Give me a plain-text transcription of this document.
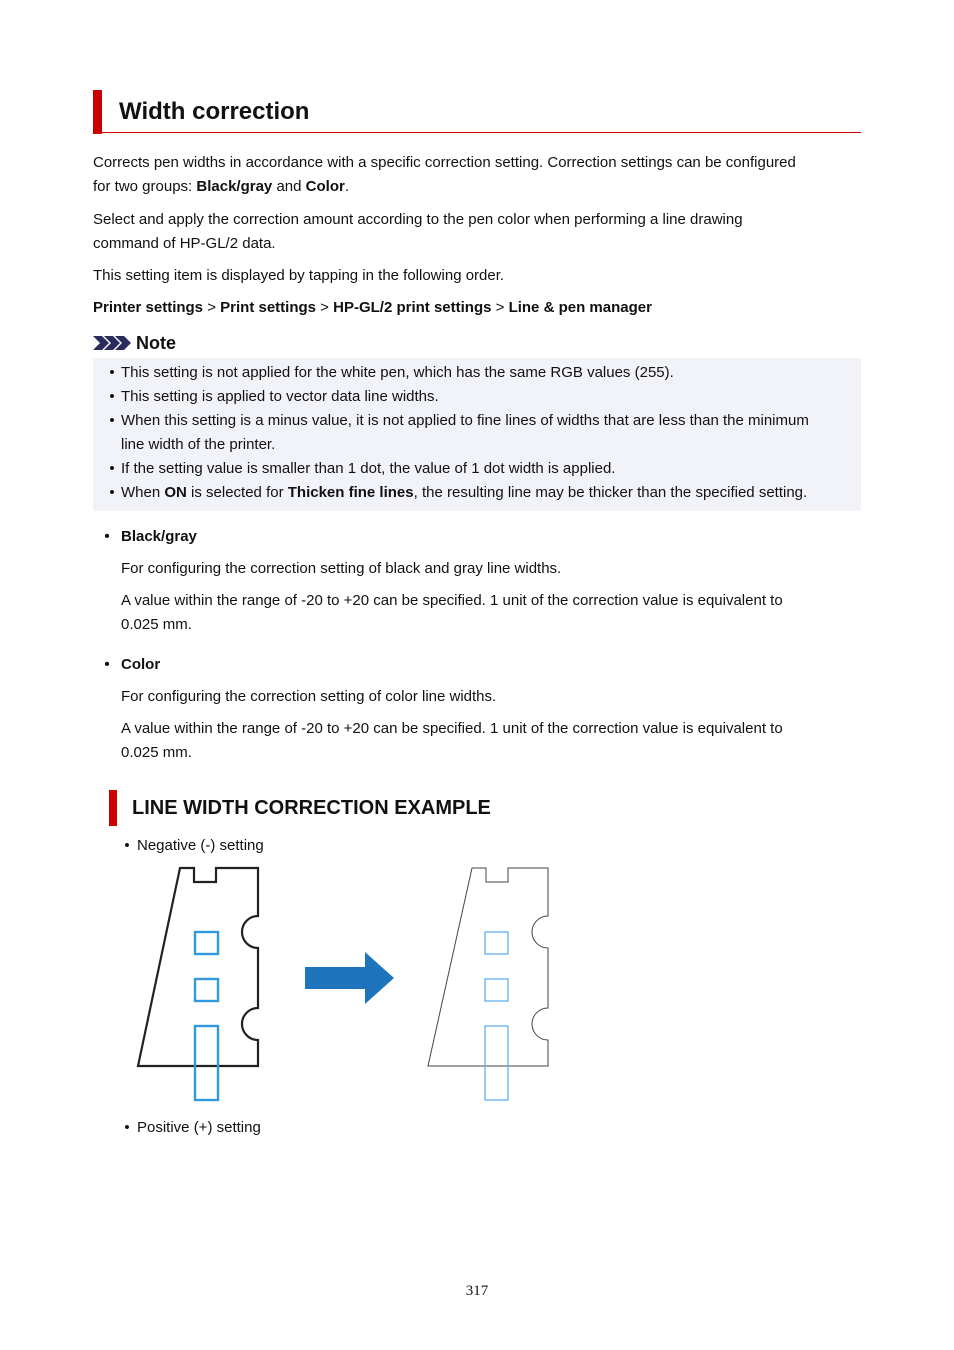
Width correction
Corrects pen widths in accordance with a specific correction setting. Correction settings can be configured
for two groups: Black/gray and Color.
Select and apply the correction amount according to the pen color when performing a line drawing
command of HP-GL/2 data.
This setting item is displayed by tapping in the following order.
Printer settings > Print settings > HP-GL/2 print settings > Line & pen manager
Note
• This setting is not applied for the white pen, which has the same RGB values (255).
• This setting is applied to vector data line widths.
• When this setting is a minus value, it is not applied to fine lines of widths that are less than the minimum
line width of the printer.
• If the setting value is smaller than 1 dot, the value of 1 dot width is applied.
• When ON is selected for Thicken fine lines, the resulting line may be thicker than the specified setting.
• Black/gray
For configuring the correction setting of black and gray line widths.
A value within the range of -20 to +20 can be specified. 1 unit of the correction value is equivalent to
0.025 mm.
• Color
For configuring the correction setting of color line widths.
A value within the range of -20 to +20 can be specified. 1 unit of the correction value is equivalent to
0.025 mm.
LINE WIDTH CORRECTION EXAMPLE
• Negative (-) setting
• Positive (+) setting
317
